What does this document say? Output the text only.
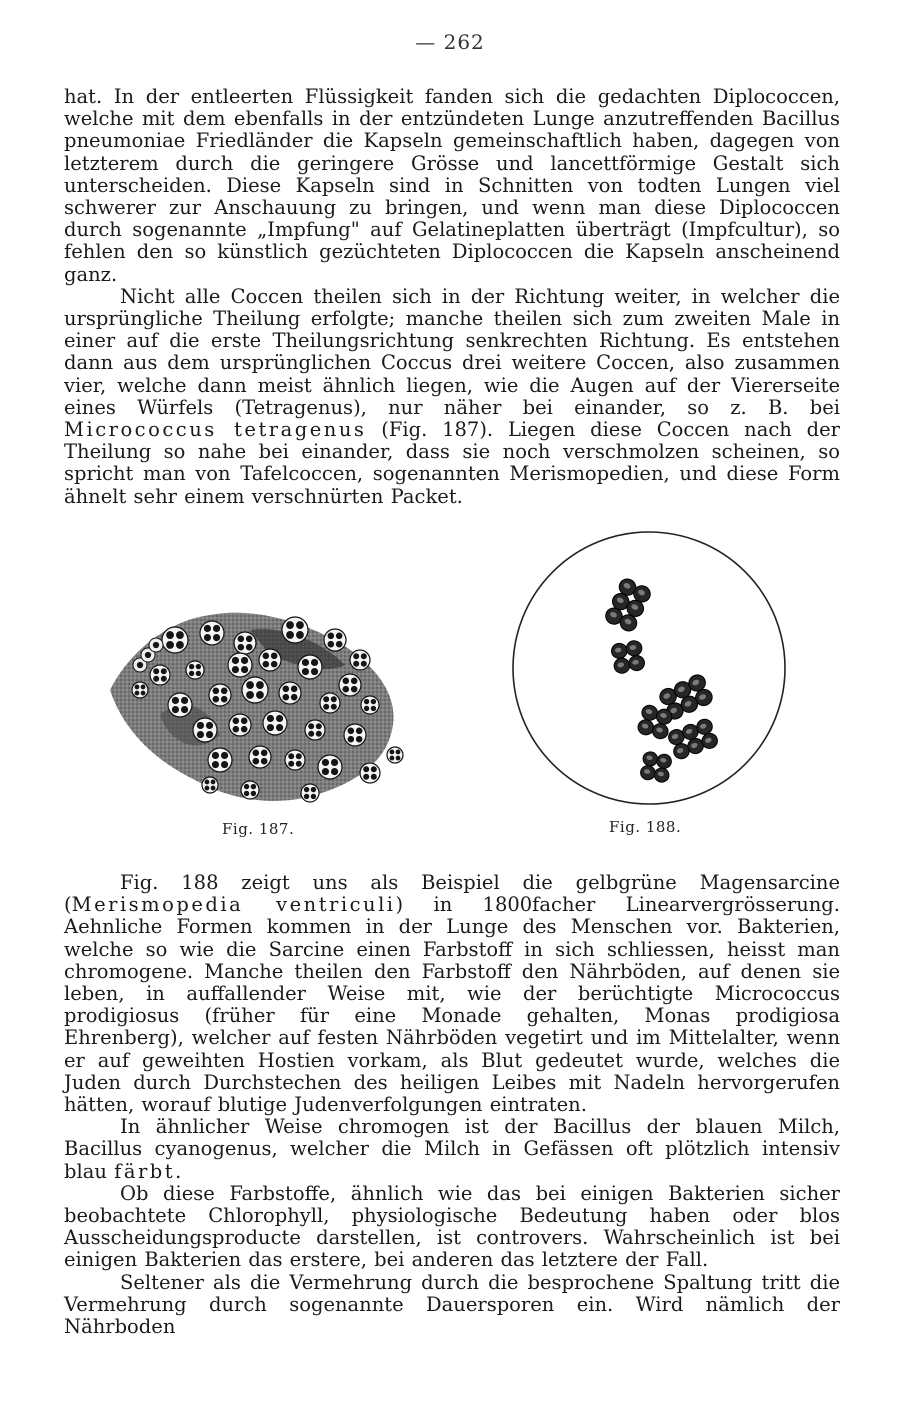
— 262

hat. In der entleerten Flüssigkeit fanden sich die gedachten Diplococcen, welche mit dem ebenfalls in der entzündeten Lunge anzutreffenden Bacillus pneumoniae Friedländer die Kapseln gemeinschaftlich haben, dagegen von letzterem durch die geringere Grösse und lancettförmige Gestalt sich unterscheiden. Diese Kapseln sind in Schnitten von todten Lungen viel schwerer zur Anschauung zu bringen, und wenn man diese Diplococcen durch sogenannte „Impfung" auf Gelatineplatten überträgt (Impfcultur), so fehlen den so künstlich gezüchteten Diplococcen die Kapseln anscheinend ganz.

Nicht alle Coccen theilen sich in der Richtung weiter, in welcher die ursprüngliche Theilung erfolgte; manche theilen sich zum zweiten Male in einer auf die erste Theilungsrichtung senkrechten Richtung. Es entstehen dann aus dem ursprünglichen Coccus drei weitere Coccen, also zusammen vier, welche dann meist ähnlich liegen, wie die Augen auf der Viererseite eines Würfels (Tetragenus), nur näher bei einander, so z. B. bei Micrococcus tetragenus (Fig. 187). Liegen diese Coccen nach der Theilung so nahe bei einander, dass sie noch verschmolzen scheinen, so spricht man von Tafelcoccen, sogenannten Merismopedien, und diese Form ähnelt sehr einem verschnürten Packet.

Fig. 187.	Fig. 188.

Fig. 188 zeigt uns als Beispiel die gelbgrüne Magensarcine (Merismopedia ventriculi) in 1800facher Linearvergrösserung. Aehnliche Formen kommen in der Lunge des Menschen vor. Bakterien, welche so wie die Sarcine einen Farbstoff in sich schliessen, heisst man chromogene. Manche theilen den Farbstoff den Nährböden, auf denen sie leben, in auffallender Weise mit, wie der berüchtigte Micrococcus prodigiosus (früher für eine Monade gehalten, Monas prodigiosa Ehrenberg), welcher auf festen Nährböden vegetirt und im Mittelalter, wenn er auf geweihten Hostien vorkam, als Blut gedeutet wurde, welches die Juden durch Durchstechen des heiligen Leibes mit Nadeln hervorgerufen hätten, worauf blutige Judenverfolgungen eintraten.

In ähnlicher Weise chromogen ist der Bacillus der blauen Milch, Bacillus cyanogenus, welcher die Milch in Gefässen oft plötzlich intensiv blau färbt.

Ob diese Farbstoffe, ähnlich wie das bei einigen Bakterien sicher beobachtete Chlorophyll, physiologische Bedeutung haben oder blos Ausscheidungsproducte darstellen, ist controvers. Wahrscheinlich ist bei einigen Bakterien das erstere, bei anderen das letztere der Fall.

Seltener als die Vermehrung durch die besprochene Spaltung tritt die Vermehrung durch sogenannte Dauersporen ein. Wird nämlich der Nährboden
